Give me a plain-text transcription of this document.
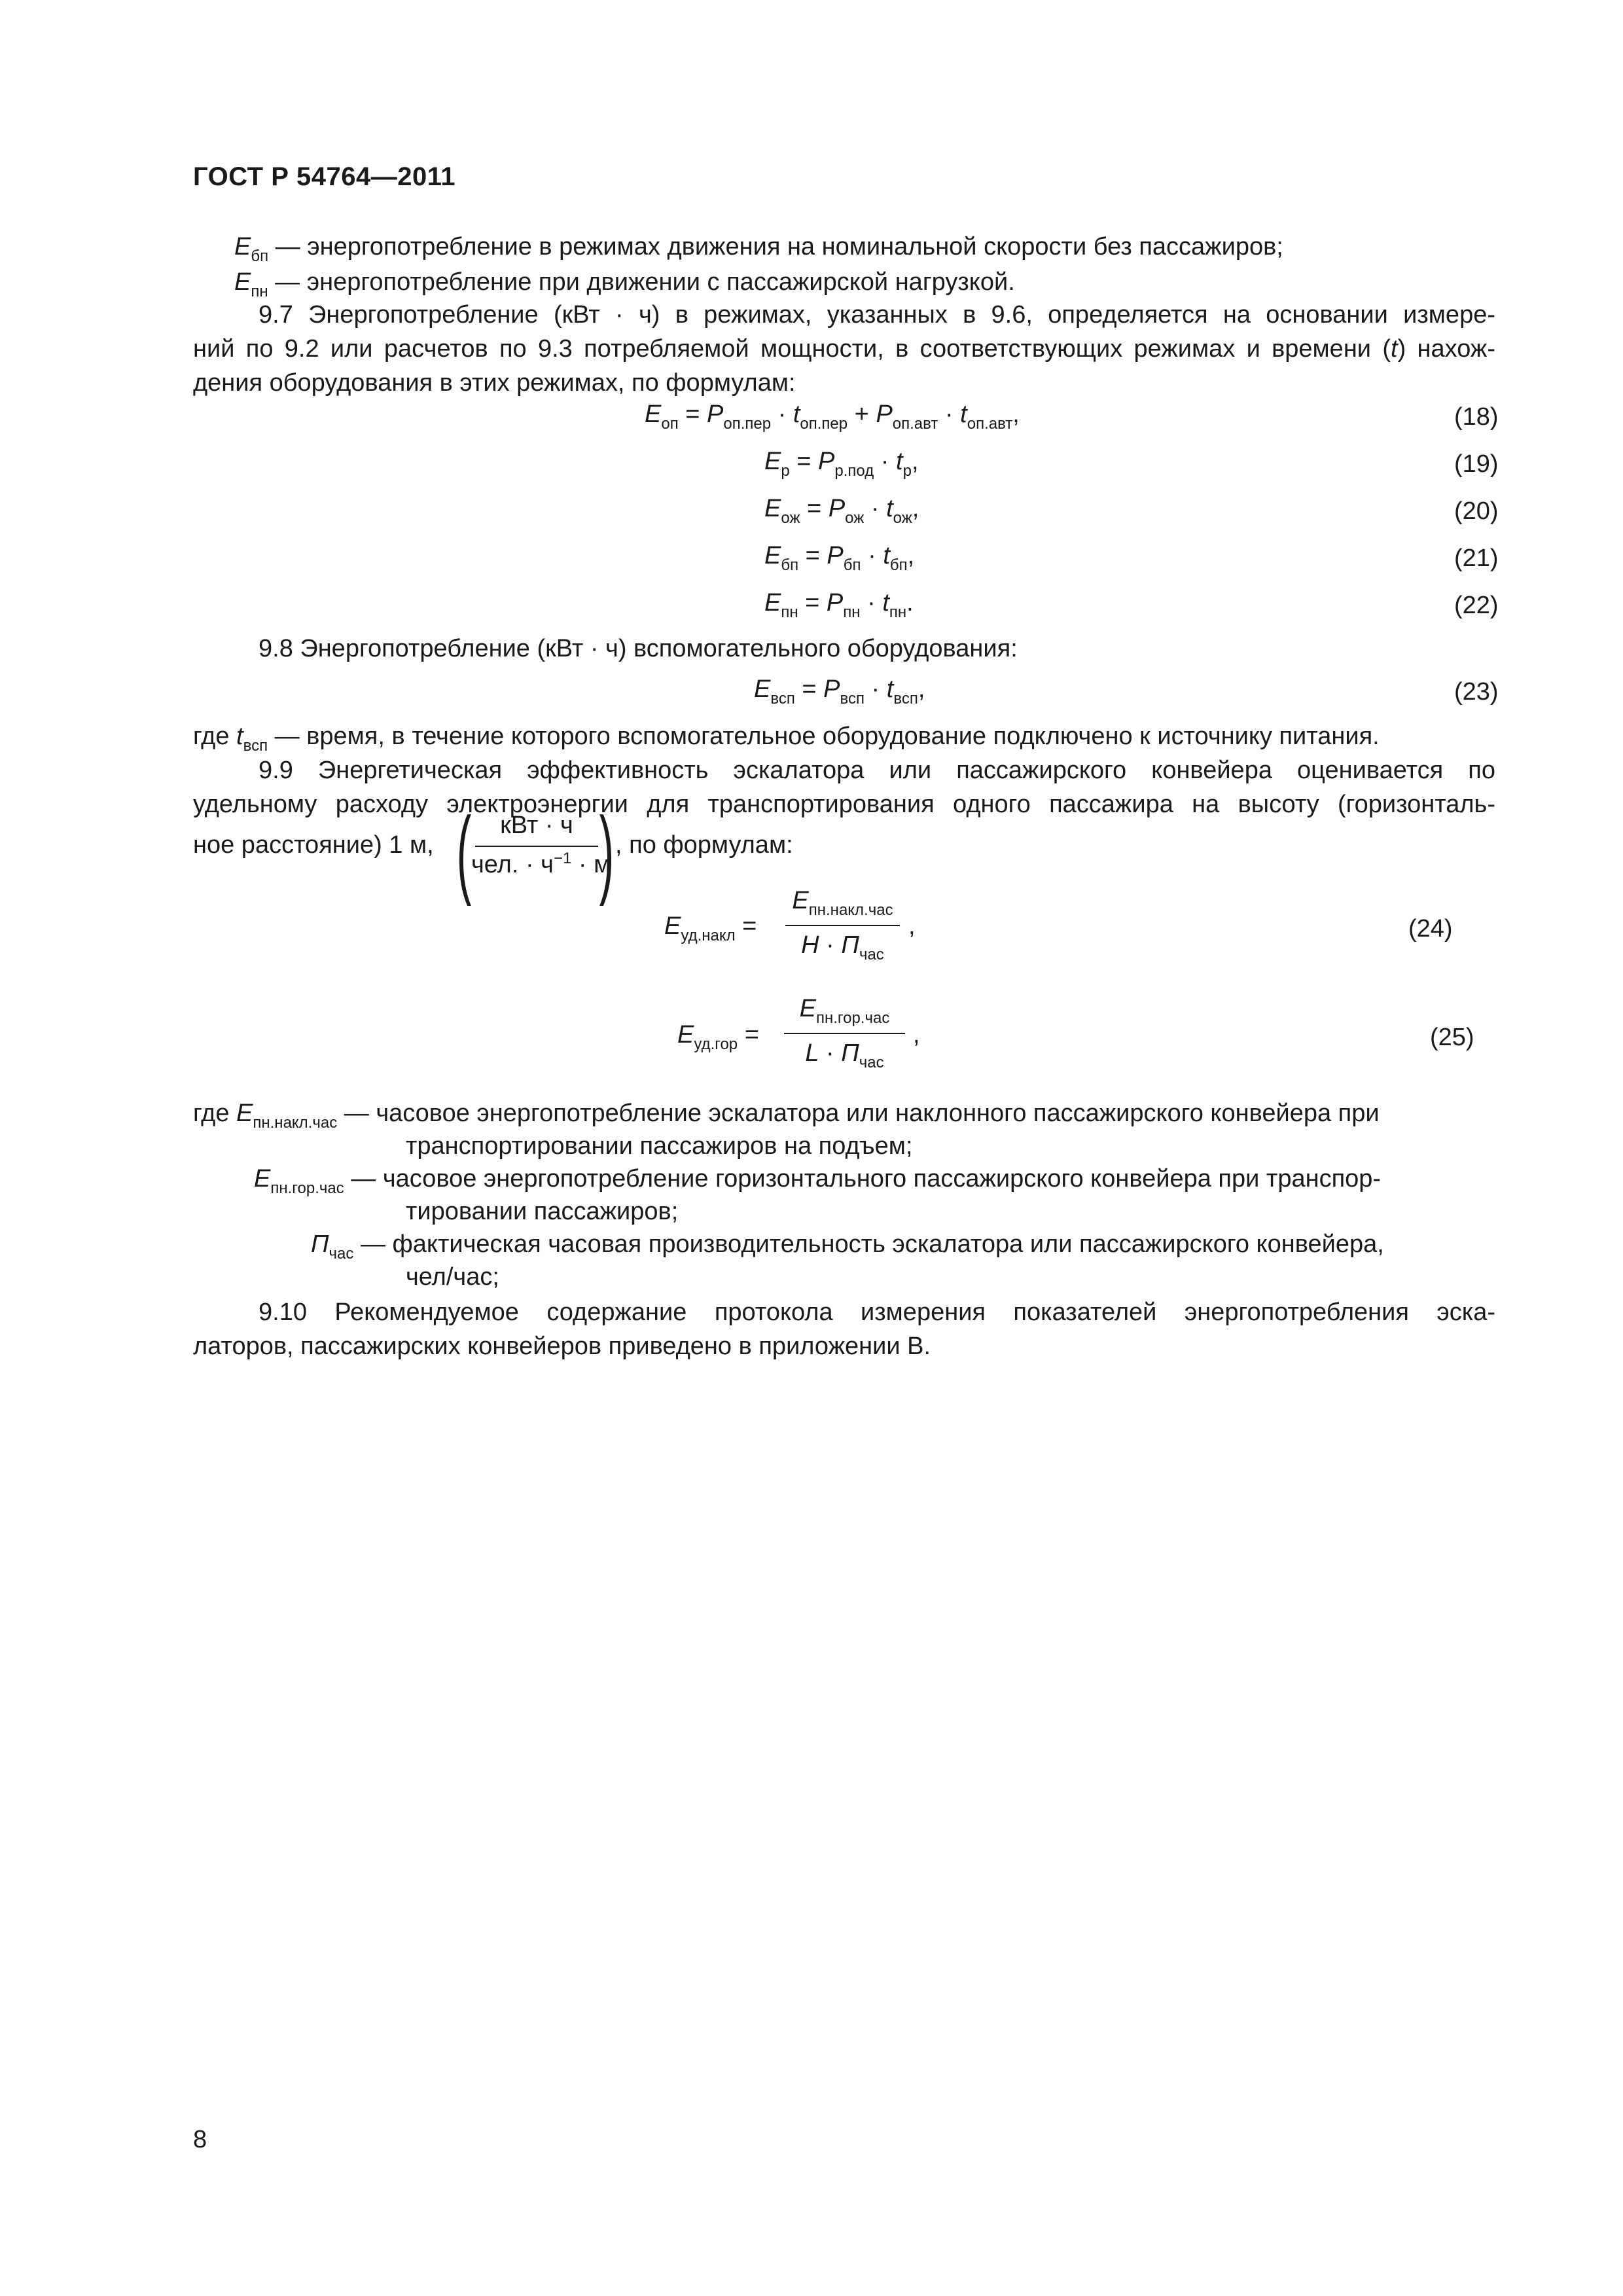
ГОСТ Р 54764—2011
$E_{бп}$ — энергопотребление в режимах движения на номинальной скорости без пассажиров;
$E_{пн}$ — энергопотребление при движении с пассажирской нагрузкой.
9.7 Энергопотребление (кВт · ч) в режимах, указанных в 9.6, определяется на основании измере-
ний по 9.2 или расчетов по 9.3 потребляемой мощности, в соответствующих режимах и времени (t) нахож-
дения оборудования в этих режимах, по формулам:
$E_{оп} = P_{оп.пер} \cdot t_{оп.пер} + P_{оп.авт} \cdot t_{оп.авт}$,	(18)
$E_р = P_{р.под} \cdot t_р$,	(19)
$E_{ож} = P_{ож} \cdot t_{ож}$,	(20)
$E_{бп} = P_{бп} \cdot t_{бп}$,	(21)
$E_{пн} = P_{пн} \cdot t_{пн}$.	(22)
9.8 Энергопотребление (кВт · ч) вспомогательного оборудования:
$E_{всп} = P_{всп} \cdot t_{всп}$,	(23)
где $t_{всп}$ — время, в течение которого вспомогательное оборудование подключено к источнику питания.
9.9 Энергетическая эффективность эскалатора или пассажирского конвейера оценивается по
удельному расходу электроэнергии для транспортирования одного пассажира на высоту (горизонталь-
ное расстояние) 1 м, (	кВт · ч
чел. · $ч^{-1} \cdot м$
) , по формулам:
$E_{уд.накл}$ =
$E_{пн.накл.час}$
$H \cdot П_{час}$
,	(24)
$E_{уд.гор}$ =
$E_{пн.гор.час}$
$L \cdot П_{час}$
,	(25)
где $E_{пн.накл.час}$ — часовое энергопотребление эскалатора или наклонного пассажирского конвейера при
транспортировании пассажиров на подъем;
$E_{пн.гор.час}$ — часовое энергопотребление горизонтального пассажирского конвейера при транспор-
тировании пассажиров;
$П_{час}$ — фактическая часовая производительность эскалатора или пассажирского конвейера,
чел/час;
9.10 Рекомендуемое содержание протокола измерения показателей энергопотребления эска-
латоров, пассажирских конвейеров приведено в приложении В.
8
